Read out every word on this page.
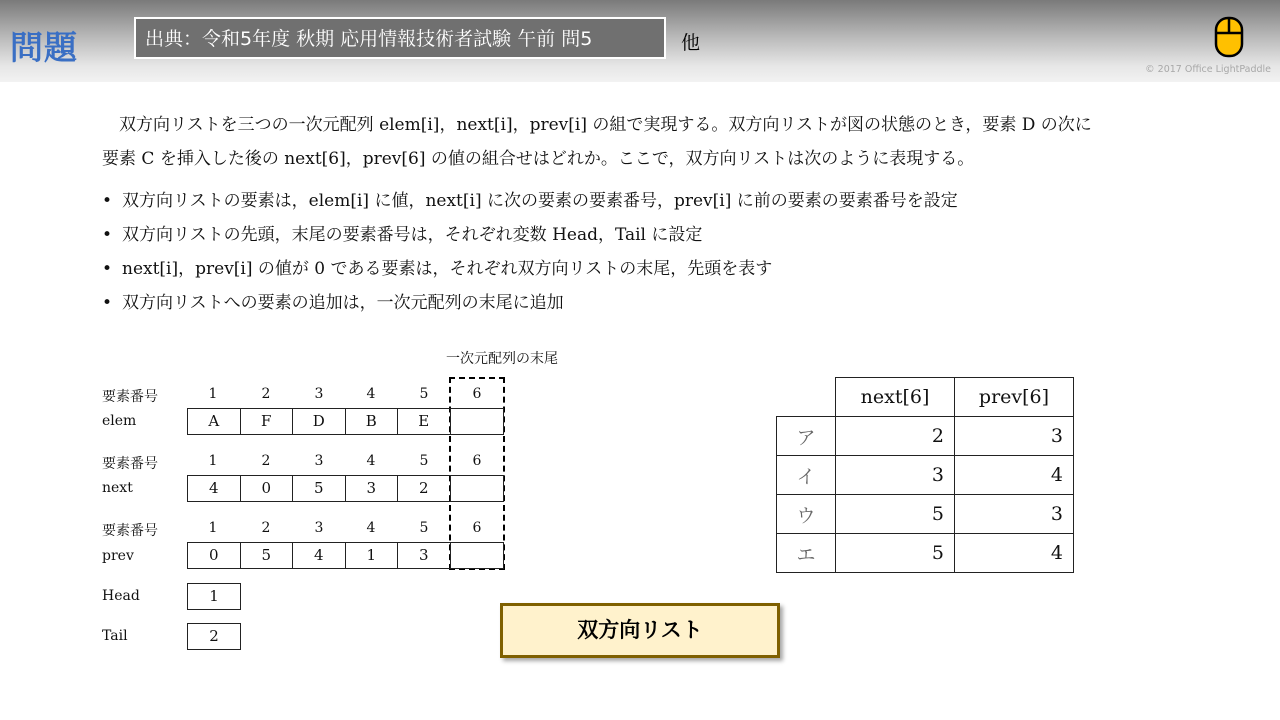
問題	出典：令和5年度 秋期 応用情報技術者試験 午前 問5	他
© 2017 Office LightPaddle

　双方向リストを三つの一次元配列 elem[i]，next[i]，prev[i] の組で実現する。双方向リストが図の状態のとき，要素 D の次に

要素 C を挿入した後の next[6]，prev[6] の値の組合せはどれか。ここで，双方向リストは次のように表現する。

• 双方向リストの要素は，elem[i] に値，next[i] に次の要素の要素番号，prev[i] に前の要素の要素番号を設定
• 双方向リストの先頭，末尾の要素番号は，それぞれ変数 Head，Tail に設定
• next[i]，prev[i] の値が 0 である要素は，それぞれ双方向リストの末尾，先頭を表す
• 双方向リストへの要素の追加は，一次元配列の末尾に追加
一次元配列の末尾
要素番号	1	2	3	4	5	6
elem	A	F	D	B	E
要素番号	1	2	3	4	5	6
next	4	0	5	3	2
要素番号	1	2	3	4	5	6
prev	0	5	4	1	3
Head	1
Tail	2
	next[6]	prev[6]
ア	2	3
イ	3	4
ウ	5	3
エ	5	4
双方向リスト
